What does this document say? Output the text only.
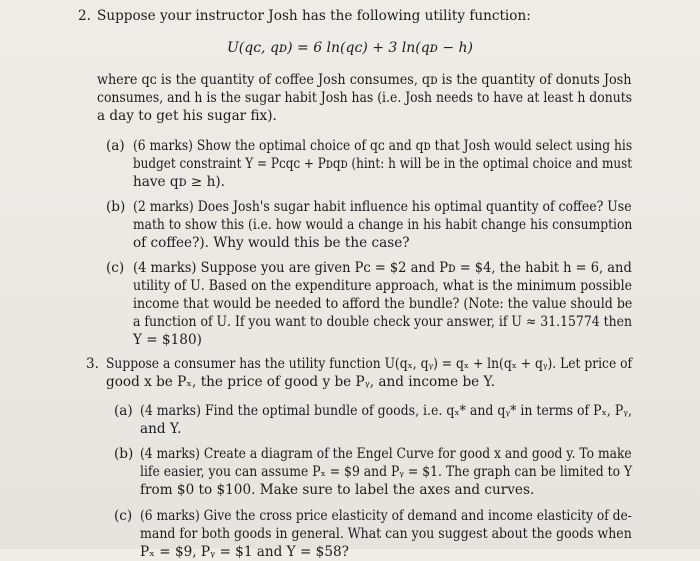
2. Suppose your instructor Josh has the following utility function:
U(qᴄ, qᴅ) = 6 ln(qᴄ) + 3 ln(qᴅ − h)
where qᴄ is the quantity of coffee Josh consumes, qᴅ is the quantity of donuts Josh
consumes, and h is the sugar habit Josh has (i.e. Josh needs to have at least h donuts
a day to get his sugar fix).
(a) (6 marks) Show the optimal choice of qᴄ and qᴅ that Josh would select using his
budget constraint Y = Pᴄqᴄ + Pᴅqᴅ (hint: h will be in the optimal choice and must
have qᴅ ≥ h).
(b) (2 marks) Does Josh's sugar habit influence his optimal quantity of coffee? Use
math to show this (i.e. how would a change in his habit change his consumption
of coffee?). Why would this be the case?
(c) (4 marks) Suppose you are given Pᴄ = $2 and Pᴅ = $4, the habit h = 6, and
utility of Ū. Based on the expenditure approach, what is the minimum possible
income that would be needed to afford the bundle? (Note: the value should be
a function of Ū. If you want to double check your answer, if Ū ≈ 31.15774 then
Y = $180)
3. Suppose a consumer has the utility function U(qₓ, qᵧ) = qₓ + ln(qₓ + qᵧ). Let price of
good x be Pₓ, the price of good y be Pᵧ, and income be Y.
(a) (4 marks) Find the optimal bundle of goods, i.e. qₓ* and qᵧ* in terms of Pₓ, Pᵧ,
and Y.
(b) (4 marks) Create a diagram of the Engel Curve for good x and good y. To make
life easier, you can assume Pₓ = $9 and Pᵧ = $1. The graph can be limited to Y
from $0 to $100. Make sure to label the axes and curves.
(c) (6 marks) Give the cross price elasticity of demand and income elasticity of de-
mand for both goods in general. What can you suggest about the goods when
Pₓ = $9, Pᵧ = $1 and Y = $58?
